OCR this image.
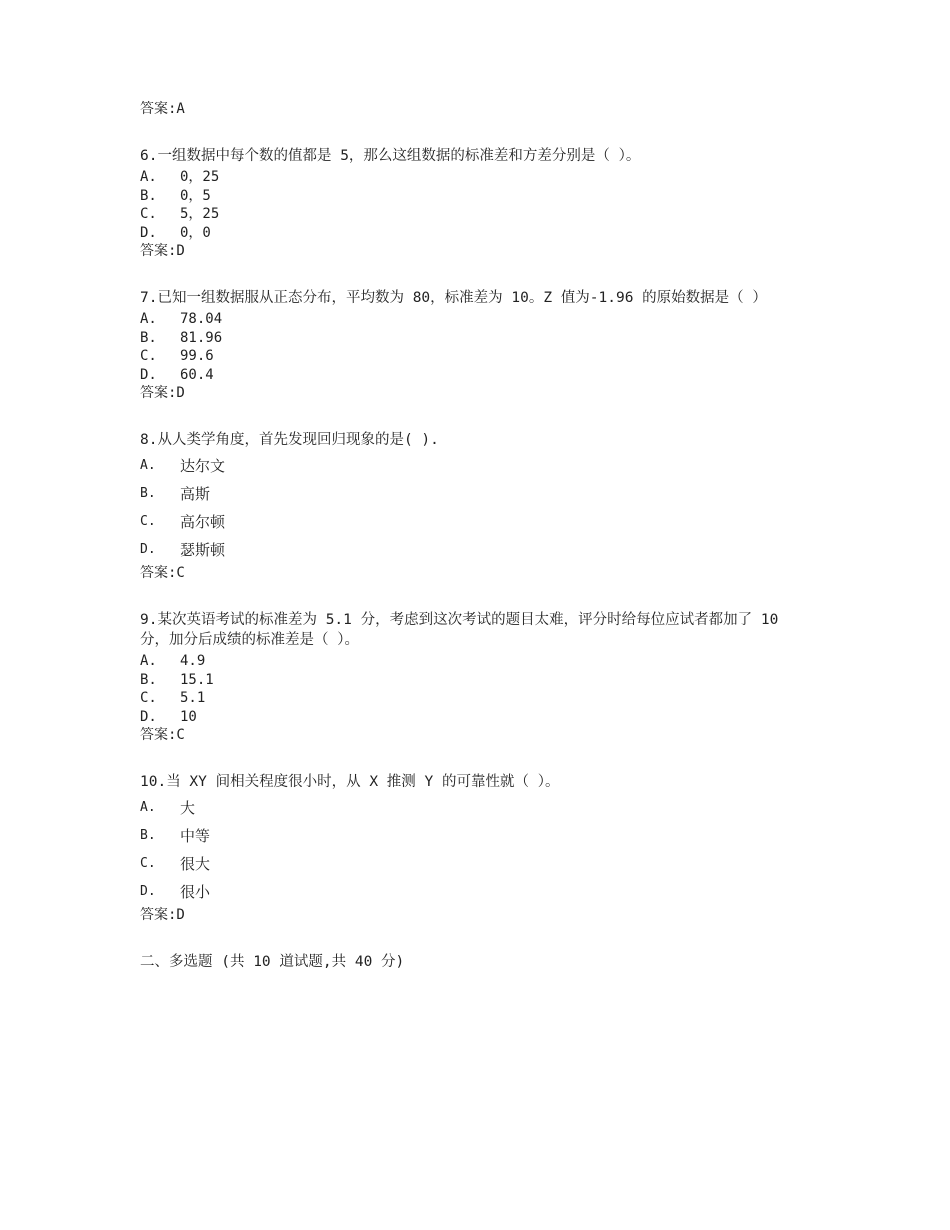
答案:A
6.一组数据中每个数的值都是 5，那么这组数据的标准差和方差分别是（ ）。
A.	0，25
B.	0，5
C.	5，25
D.	0，0
答案:D
7.已知一组数据服从正态分布，平均数为 80，标准差为 10。Z 值为-1.96 的原始数据是（ ）
A.	78.04
B.	81.96
C.	99.6
D.	60.4
答案:D
8.从人类学角度，首先发现回归现象的是( ).
A.	达尔文
B.	高斯
C.	高尔顿
D.	瑟斯顿
答案:C
9.某次英语考试的标准差为 5.1 分，考虑到这次考试的题目太难，评分时给每位应试者都加了 10 分，加分后成绩的标准差是（ ）。
A.	4.9
B.	15.1
C.	5.1
D.	10
答案:C
10.当 XY 间相关程度很小时，从 X 推测 Y 的可靠性就（ ）。
A.	大
B.	中等
C.	很大
D.	很小
答案:D
二、多选题 (共 10 道试题,共 40 分)
